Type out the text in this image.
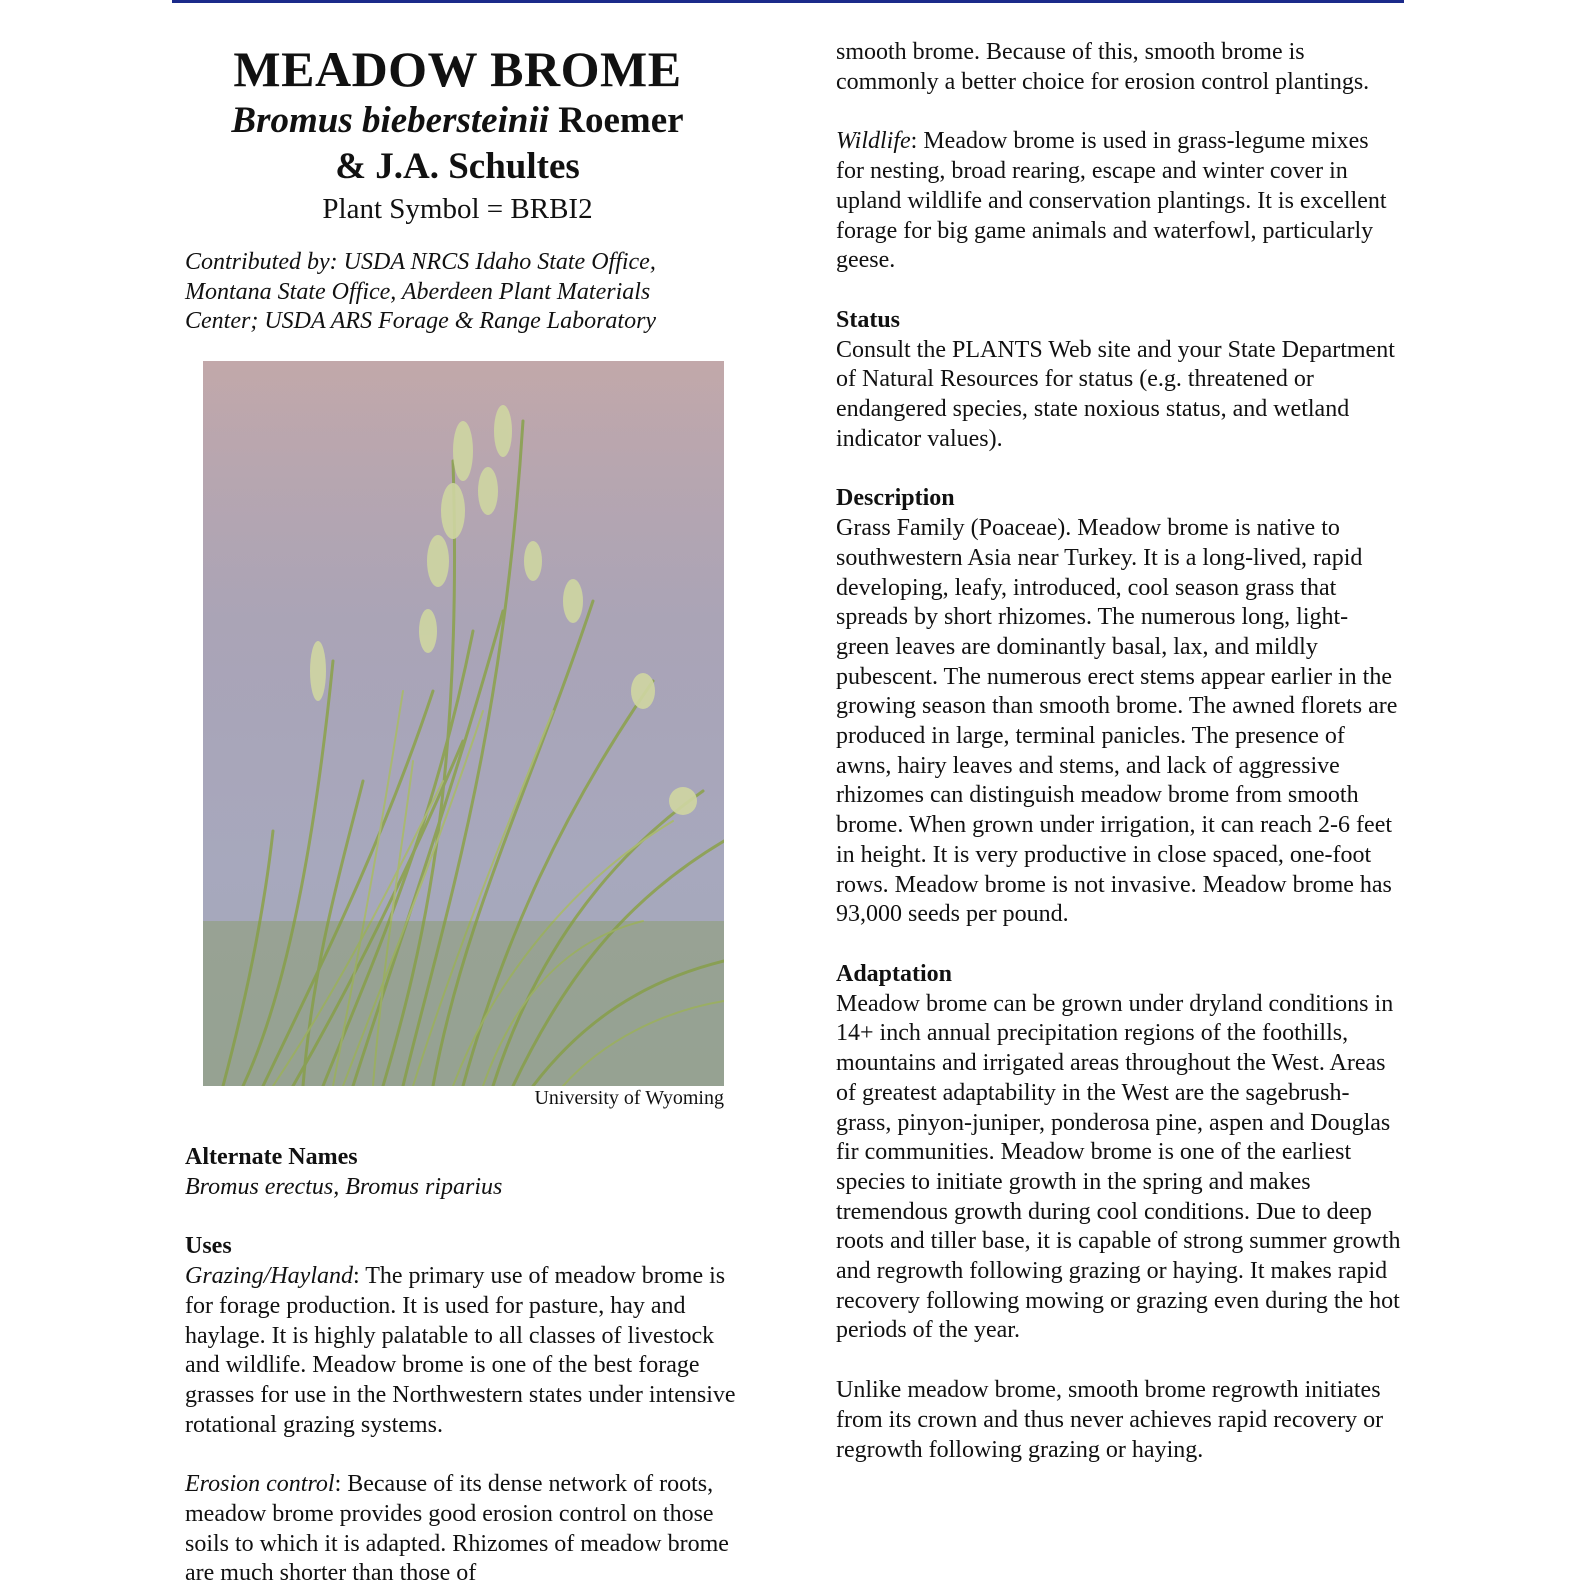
MEADOW BROME

Bromus biebersteinii Roemer

& J.A. Schultes

Plant Symbol = BRBI2

Contributed by: USDA NRCS Idaho State Office,
Montana State Office, Aberdeen Plant Materials
Center; USDA ARS Forage & Range Laboratory
University of Wyoming
Alternate Names

Bromus erectus, Bromus riparius

Uses

Grazing/Hayland: The primary use of meadow brome is for forage production. It is used for pasture, hay and haylage. It is highly palatable to all classes of livestock and wildlife. Meadow brome is one of the best forage grasses for use in the Northwestern states under intensive rotational grazing systems.

Erosion control: Because of its dense network of roots, meadow brome provides good erosion control on those soils to which it is adapted. Rhizomes of meadow brome are much shorter than those of

smooth brome. Because of this, smooth brome is commonly a better choice for erosion control plantings.

Wildlife: Meadow brome is used in grass-legume mixes for nesting, broad rearing, escape and winter cover in upland wildlife and conservation plantings. It is excellent forage for big game animals and waterfowl, particularly geese.

Status

Consult the PLANTS Web site and your State Department of Natural Resources for status (e.g. threatened or endangered species, state noxious status, and wetland indicator values).

Description

Grass Family (Poaceae). Meadow brome is native to southwestern Asia near Turkey. It is a long-lived, rapid developing, leafy, introduced, cool season grass that spreads by short rhizomes. The numerous long, light-green leaves are dominantly basal, lax, and mildly pubescent. The numerous erect stems appear earlier in the growing season than smooth brome. The awned florets are produced in large, terminal panicles. The presence of awns, hairy leaves and stems, and lack of aggressive rhizomes can distinguish meadow brome from smooth brome. When grown under irrigation, it can reach 2-6 feet in height. It is very productive in close spaced, one-foot rows. Meadow brome is not invasive. Meadow brome has 93,000 seeds per pound.

Adaptation

Meadow brome can be grown under dryland conditions in 14+ inch annual precipitation regions of the foothills, mountains and irrigated areas throughout the West. Areas of greatest adaptability in the West are the sagebrush-grass, pinyon-juniper, ponderosa pine, aspen and Douglas fir communities. Meadow brome is one of the earliest species to initiate growth in the spring and makes tremendous growth during cool conditions. Due to deep roots and tiller base, it is capable of strong summer growth and regrowth following grazing or haying. It makes rapid recovery following mowing or grazing even during the hot periods of the year.

Unlike meadow brome, smooth brome regrowth initiates from its crown and thus never achieves rapid recovery or regrowth following grazing or haying.
